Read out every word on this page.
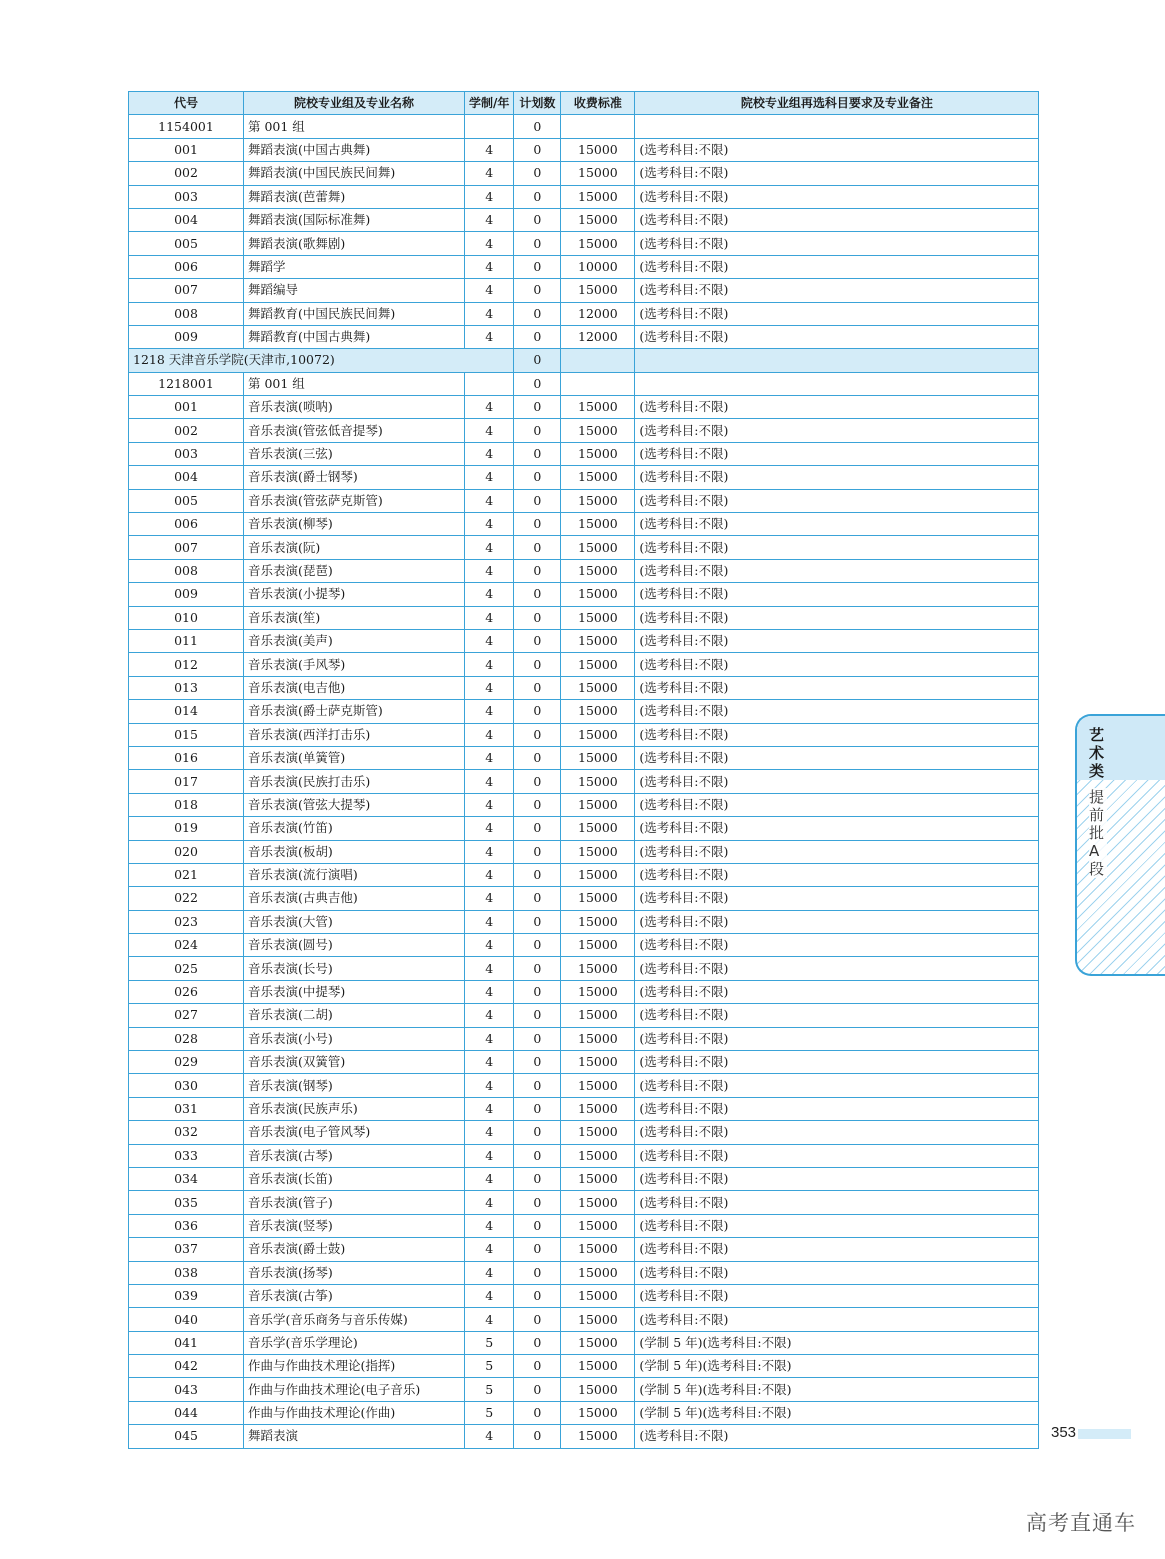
代号	院校专业组及专业名称	学制/年	计划数	收费标准	院校专业组再选科目要求及专业备注
1154001	第 001 组		0		
001	舞蹈表演(中国古典舞)	4	0	15000	(选考科目:不限)
002	舞蹈表演(中国民族民间舞)	4	0	15000	(选考科目:不限)
003	舞蹈表演(芭蕾舞)	4	0	15000	(选考科目:不限)
004	舞蹈表演(国际标准舞)	4	0	15000	(选考科目:不限)
005	舞蹈表演(歌舞剧)	4	0	15000	(选考科目:不限)
006	舞蹈学	4	0	10000	(选考科目:不限)
007	舞蹈编导	4	0	15000	(选考科目:不限)
008	舞蹈教育(中国民族民间舞)	4	0	12000	(选考科目:不限)
009	舞蹈教育(中国古典舞)	4	0	12000	(选考科目:不限)
1218 天津音乐学院(天津市,10072)			0		
1218001	第 001 组		0		
001	音乐表演(唢呐)	4	0	15000	(选考科目:不限)
002	音乐表演(管弦低音提琴)	4	0	15000	(选考科目:不限)
003	音乐表演(三弦)	4	0	15000	(选考科目:不限)
004	音乐表演(爵士钢琴)	4	0	15000	(选考科目:不限)
005	音乐表演(管弦萨克斯管)	4	0	15000	(选考科目:不限)
006	音乐表演(柳琴)	4	0	15000	(选考科目:不限)
007	音乐表演(阮)	4	0	15000	(选考科目:不限)
008	音乐表演(琵琶)	4	0	15000	(选考科目:不限)
009	音乐表演(小提琴)	4	0	15000	(选考科目:不限)
010	音乐表演(笙)	4	0	15000	(选考科目:不限)
011	音乐表演(美声)	4	0	15000	(选考科目:不限)
012	音乐表演(手风琴)	4	0	15000	(选考科目:不限)
013	音乐表演(电吉他)	4	0	15000	(选考科目:不限)
014	音乐表演(爵士萨克斯管)	4	0	15000	(选考科目:不限)
015	音乐表演(西洋打击乐)	4	0	15000	(选考科目:不限)
016	音乐表演(单簧管)	4	0	15000	(选考科目:不限)
017	音乐表演(民族打击乐)	4	0	15000	(选考科目:不限)
018	音乐表演(管弦大提琴)	4	0	15000	(选考科目:不限)
019	音乐表演(竹笛)	4	0	15000	(选考科目:不限)
020	音乐表演(板胡)	4	0	15000	(选考科目:不限)
021	音乐表演(流行演唱)	4	0	15000	(选考科目:不限)
022	音乐表演(古典吉他)	4	0	15000	(选考科目:不限)
023	音乐表演(大管)	4	0	15000	(选考科目:不限)
024	音乐表演(圆号)	4	0	15000	(选考科目:不限)
025	音乐表演(长号)	4	0	15000	(选考科目:不限)
026	音乐表演(中提琴)	4	0	15000	(选考科目:不限)
027	音乐表演(二胡)	4	0	15000	(选考科目:不限)
028	音乐表演(小号)	4	0	15000	(选考科目:不限)
029	音乐表演(双簧管)	4	0	15000	(选考科目:不限)
030	音乐表演(钢琴)	4	0	15000	(选考科目:不限)
031	音乐表演(民族声乐)	4	0	15000	(选考科目:不限)
032	音乐表演(电子管风琴)	4	0	15000	(选考科目:不限)
033	音乐表演(古琴)	4	0	15000	(选考科目:不限)
034	音乐表演(长笛)	4	0	15000	(选考科目:不限)
035	音乐表演(管子)	4	0	15000	(选考科目:不限)
036	音乐表演(竖琴)	4	0	15000	(选考科目:不限)
037	音乐表演(爵士鼓)	4	0	15000	(选考科目:不限)
038	音乐表演(扬琴)	4	0	15000	(选考科目:不限)
039	音乐表演(古筝)	4	0	15000	(选考科目:不限)
040	音乐学(音乐商务与音乐传媒)	4	0	15000	(选考科目:不限)
041	音乐学(音乐学理论)	5	0	15000	(学制 5 年)(选考科目:不限)
042	作曲与作曲技术理论(指挥)	5	0	15000	(学制 5 年)(选考科目:不限)
043	作曲与作曲技术理论(电子音乐)	5	0	15000	(学制 5 年)(选考科目:不限)
044	作曲与作曲技术理论(作曲)	5	0	15000	(学制 5 年)(选考科目:不限)
045	舞蹈表演	4	0	15000	(选考科目:不限)
艺术类
提前批A段
353
高考直通车
